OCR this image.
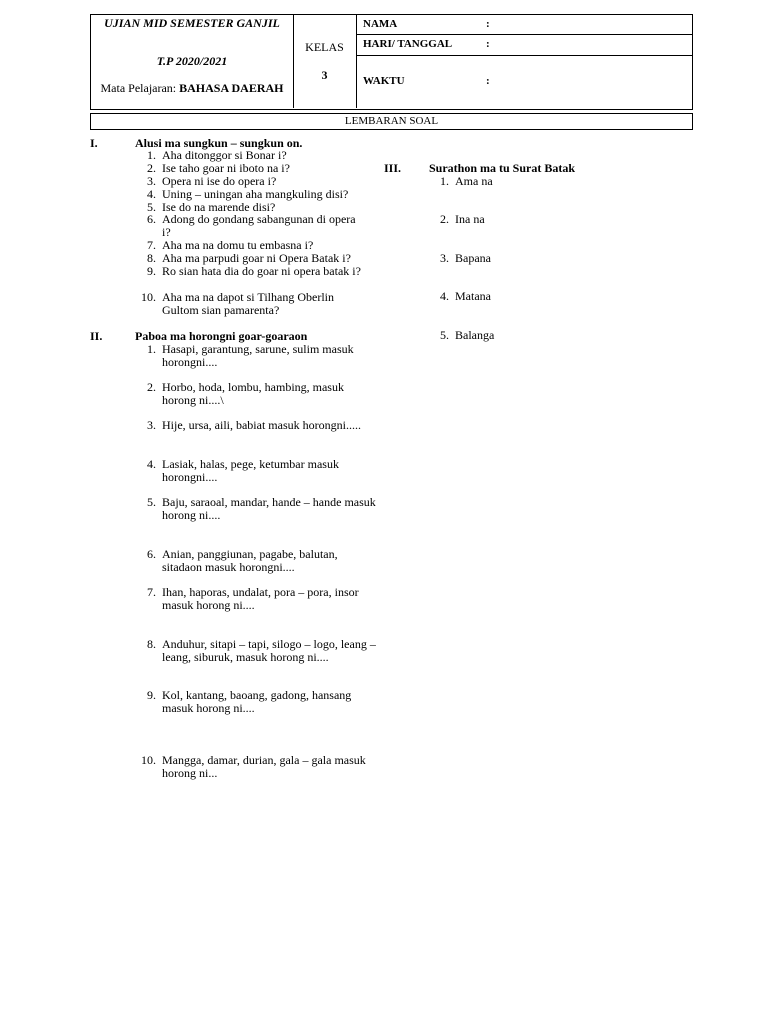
UJIAN MID SEMESTER GANJIL
T.P 2020/2021
Mata Pelajaran: BAHASA DAERAH
KELAS
3
NAMA	:
HARI/ TANGGAL	:
WAKTU	:
LEMBARAN SOAL
I.	Alusi ma sungkun – sungkun on.
1. Aha ditonggor si Bonar i?
2. Ise taho goar ni iboto na i?
3. Opera ni ise do opera i?
4. Uning – uningan aha mangkuling disi?
5. Ise do na marende disi?
6. Adong do gondang sabangunan di opera i?
7. Aha ma na domu tu embasna i?
8. Aha ma parpudi goar ni Opera Batak i?
9. Ro sian hata dia do goar ni opera batak i?
10. Aha ma na dapot si Tilhang Oberlin Gultom sian pamarenta?
II.	Paboa ma horongni goar-goaraon
1. Hasapi, garantung, sarune, sulim masuk horongni....
2. Horbo, hoda, lombu, hambing, masuk horong ni....\
3. Hije, ursa, aili, babiat masuk horongni.....
4. Lasiak, halas, pege, ketumbar masuk horongni....
5. Baju, saraoal, mandar, hande – hande masuk horong ni....
6. Anian, panggiunan, pagabe, balutan, sitadaon masuk horongni....
7. Ihan, haporas, undalat, pora – pora, insor masuk horong ni....
8. Anduhur, sitapi – tapi, silogo – logo, leang – leang, siburuk, masuk horong ni....
9. Kol, kantang, baoang, gadong, hansang masuk horong ni....
10. Mangga, damar, durian, gala – gala masuk horong ni...
III. Surathon ma tu Surat Batak
1. Ama na
2. Ina na
3. Bapana
4. Matana
5. Balanga
